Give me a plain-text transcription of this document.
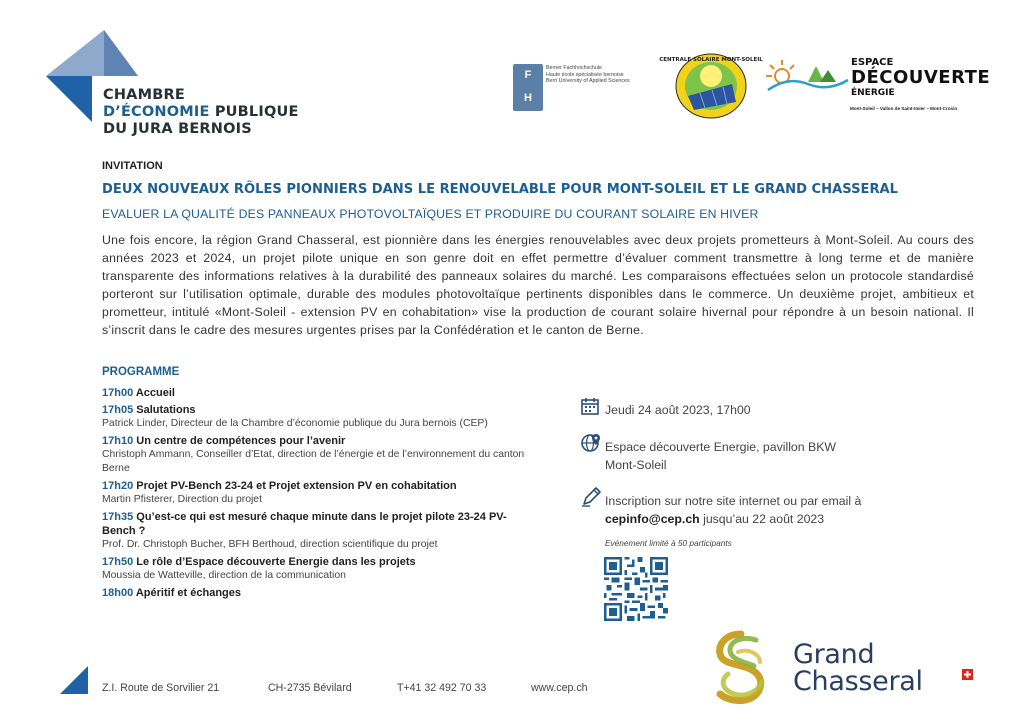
CHAMBRE
D’ÉCONOMIE PUBLIQUE
DU JURA BERNOIS
F
H
Berner Fachhochschule
Haute école spécialisée bernoise
Bern University of Applied Sciences
CENTRALE SOLAIRE MONT-SOLEIL	ESPACE
DÉCOUVERTE
ÉNERGIE
Mont-Soleil – Vallon de Saint-Imier – Mont-Crosin
INVITATION
DEUX NOUVEAUX RÔLES PIONNIERS DANS LE RENOUVELABLE POUR MONT-SOLEIL ET LE GRAND CHASSERAL
EVALUER LA QUALITÉ DES PANNEAUX PHOTOVOLTAÏQUES ET PRODUIRE DU COURANT SOLAIRE EN HIVER
Une fois encore, la région Grand Chasseral, est pionnière dans les énergies renouvelables avec deux projets prometteurs à Mont-Soleil. Au cours des années 2023 et 2024, un projet pilote unique en son genre doit en effet permettre d’évaluer comment transmettre à long terme et de manière transparente des informations relatives à la durabilité des panneaux solaires du marché. Les comparaisons effectuées selon un protocole standardisé porteront sur l’utilisation optimale, durable des modules photovoltaïque pertinents disponibles dans le commerce. Un deuxième projet, ambitieux et prometteur, intitulé «Mont-Soleil - extension PV en cohabitation» vise la production de courant solaire hivernal pour répondre à un besoin national. Il s’inscrit dans le cadre des mesures urgentes prises par la Confédération et le canton de Berne.
PROGRAMME
17h00 Accueil
17h05 Salutations
Patrick Linder, Directeur de la Chambre d’économie publique du Jura bernois (CEP)
17h10 Un centre de compétences pour l’avenir
Christoph Ammann, Conseiller d’Etat, direction de l’énergie et de l’environnement du canton Berne
17h20 Projet PV-Bench 23-24 et Projet extension PV en cohabitation
Martin Pfisterer, Direction du projet
17h35 Qu’est-ce qui est mesuré chaque minute dans le projet pilote 23-24 PV-Bench ?
Prof. Dr. Christoph Bucher, BFH Berthoud, direction scientifique du projet
17h50 Le rôle d’Espace découverte Energie dans les projets
Moussia de Watteville, direction de la communication
18h00 Apéritif et échanges
Jeudi 24 août 2023, 17h00
Espace découverte Energie, pavillon BKW
Mont-Soleil
Inscription sur notre site internet ou par email à
cepinfo@cep.ch jusqu’au 22 août 2023
Evénement limité à 50 participants
Grand
Chasseral
Z.I. Route de Sorvilier 21	CH-2735 Bévilard	T+41 32 492 70 33	www.cep.ch
